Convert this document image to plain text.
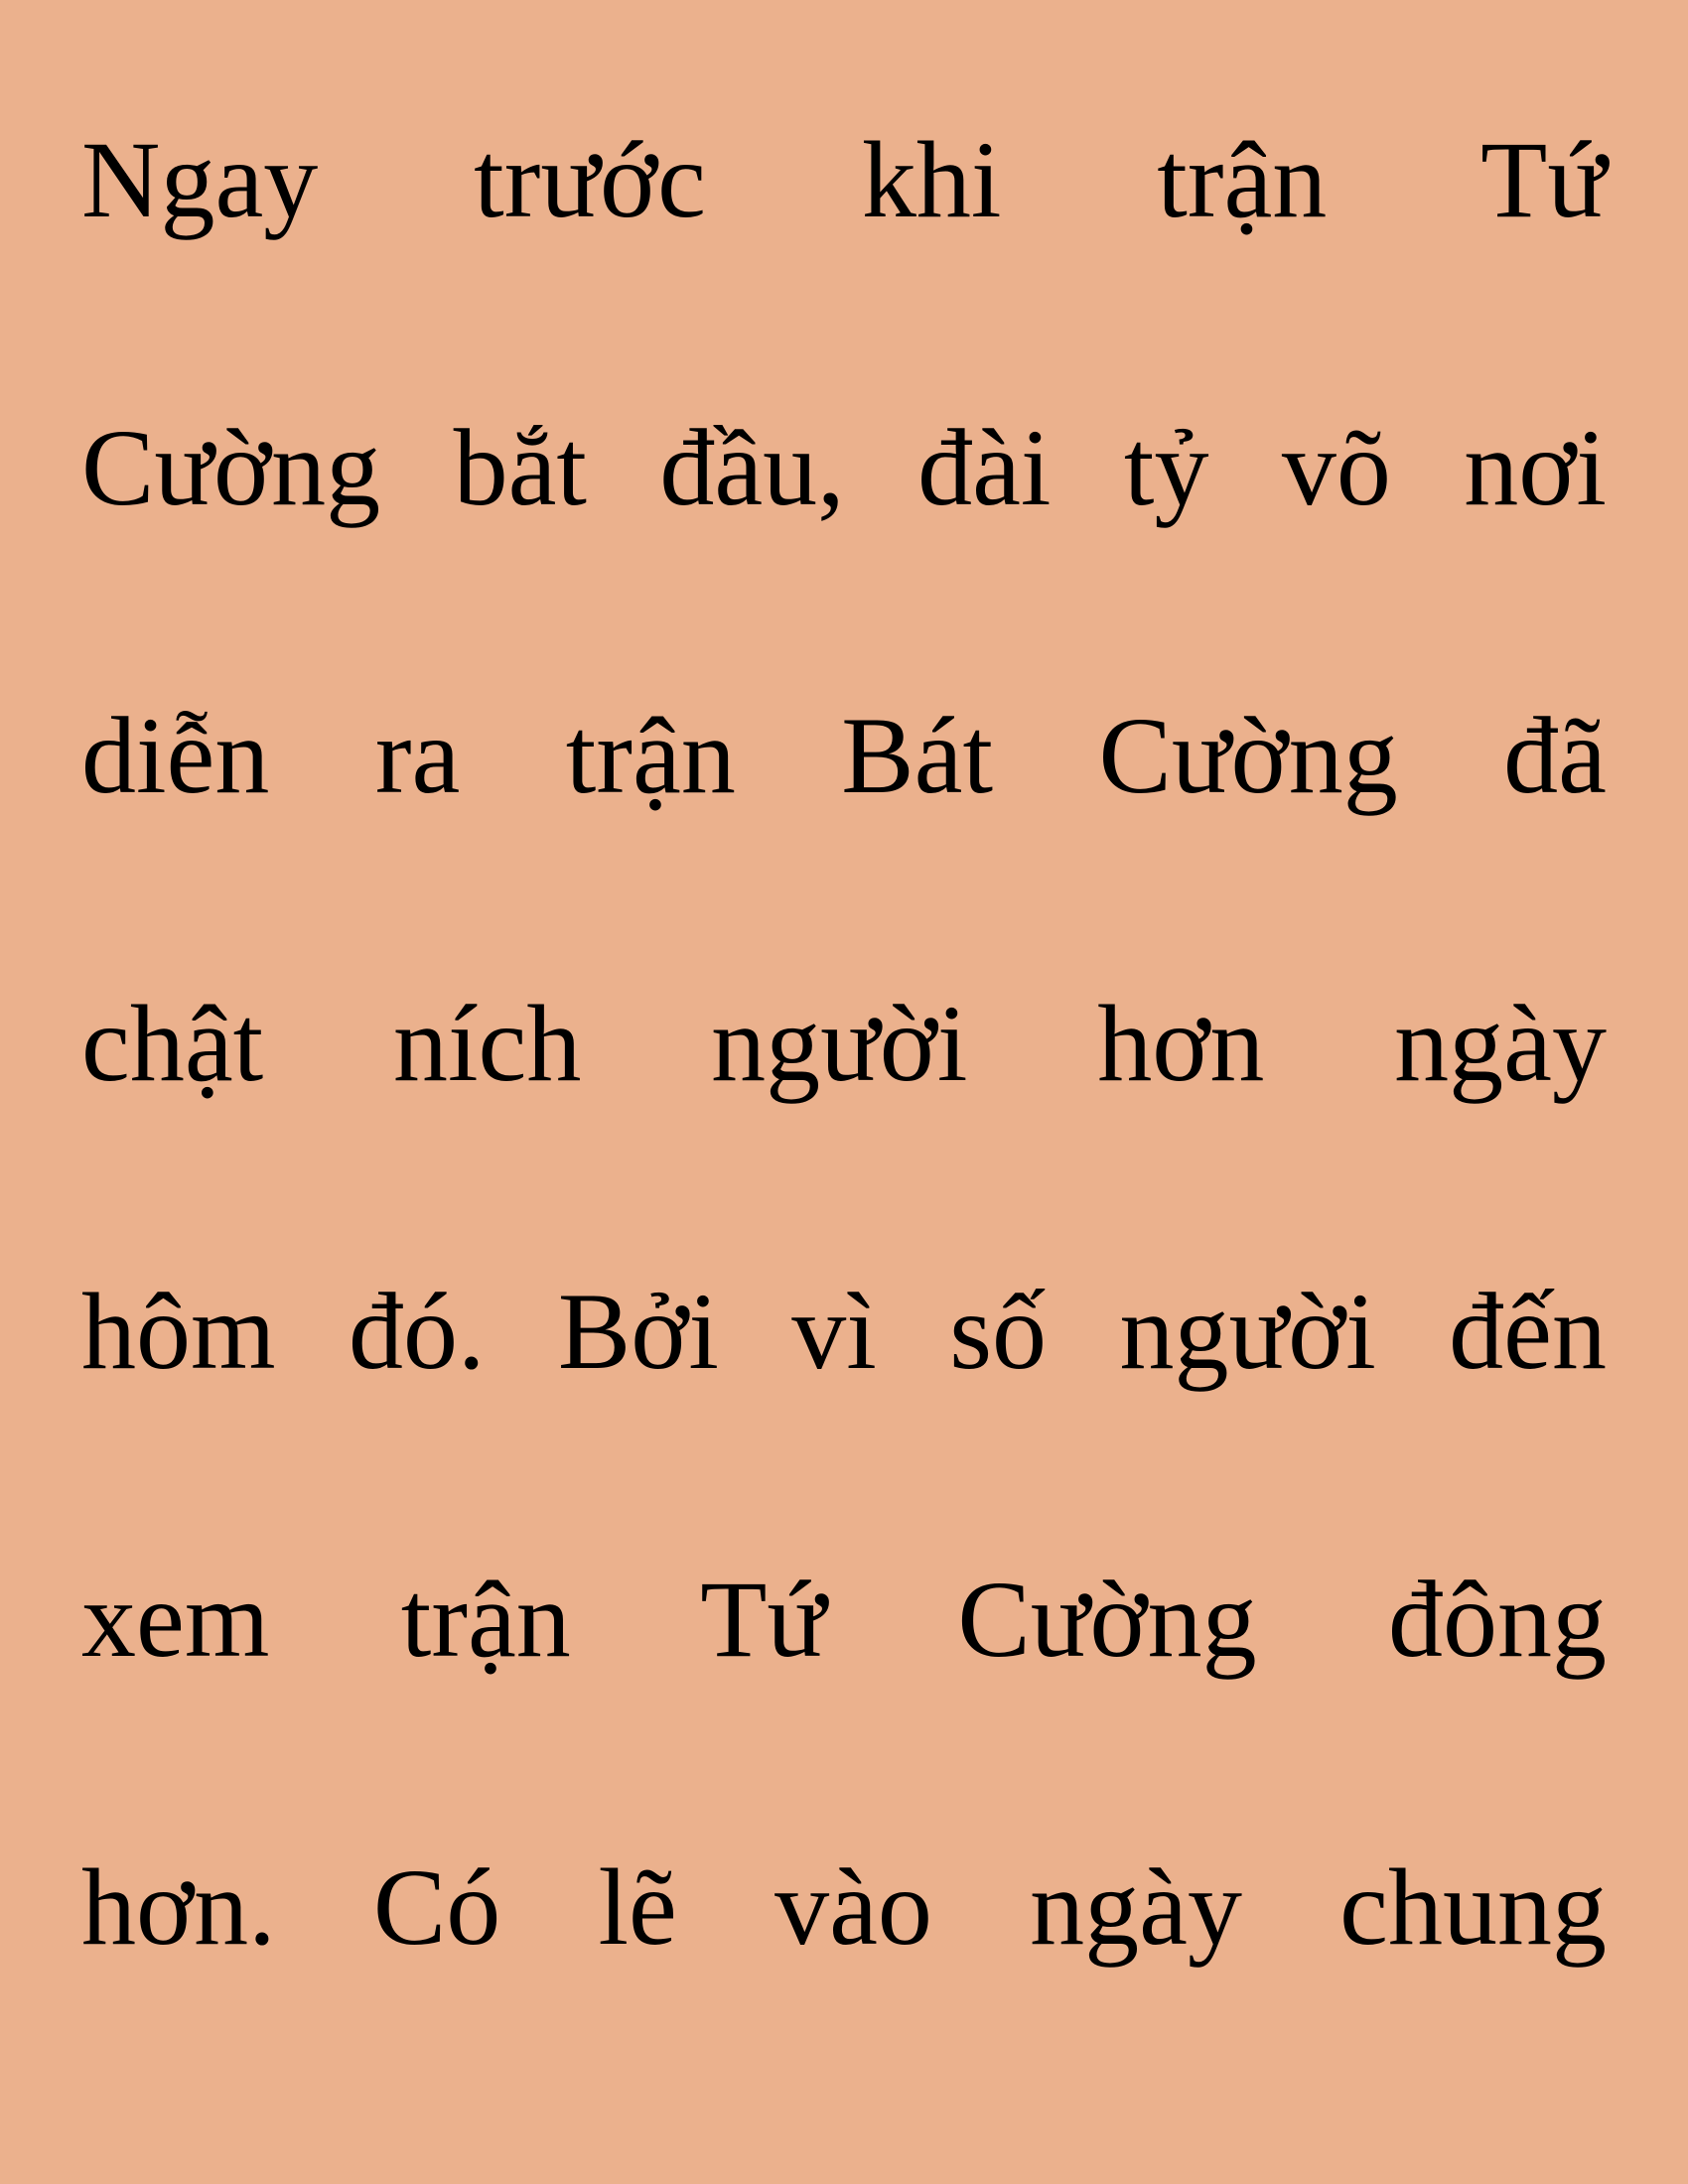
Ngay trước khi trận Tứ
Cường bắt đầu, đài tỷ võ nơi
diễn ra trận Bát Cường đã
chật ních người hơn ngày
hôm đó. Bởi vì số người đến
xem trận Tứ Cường đông
hơn. Có lẽ vào ngày chung
